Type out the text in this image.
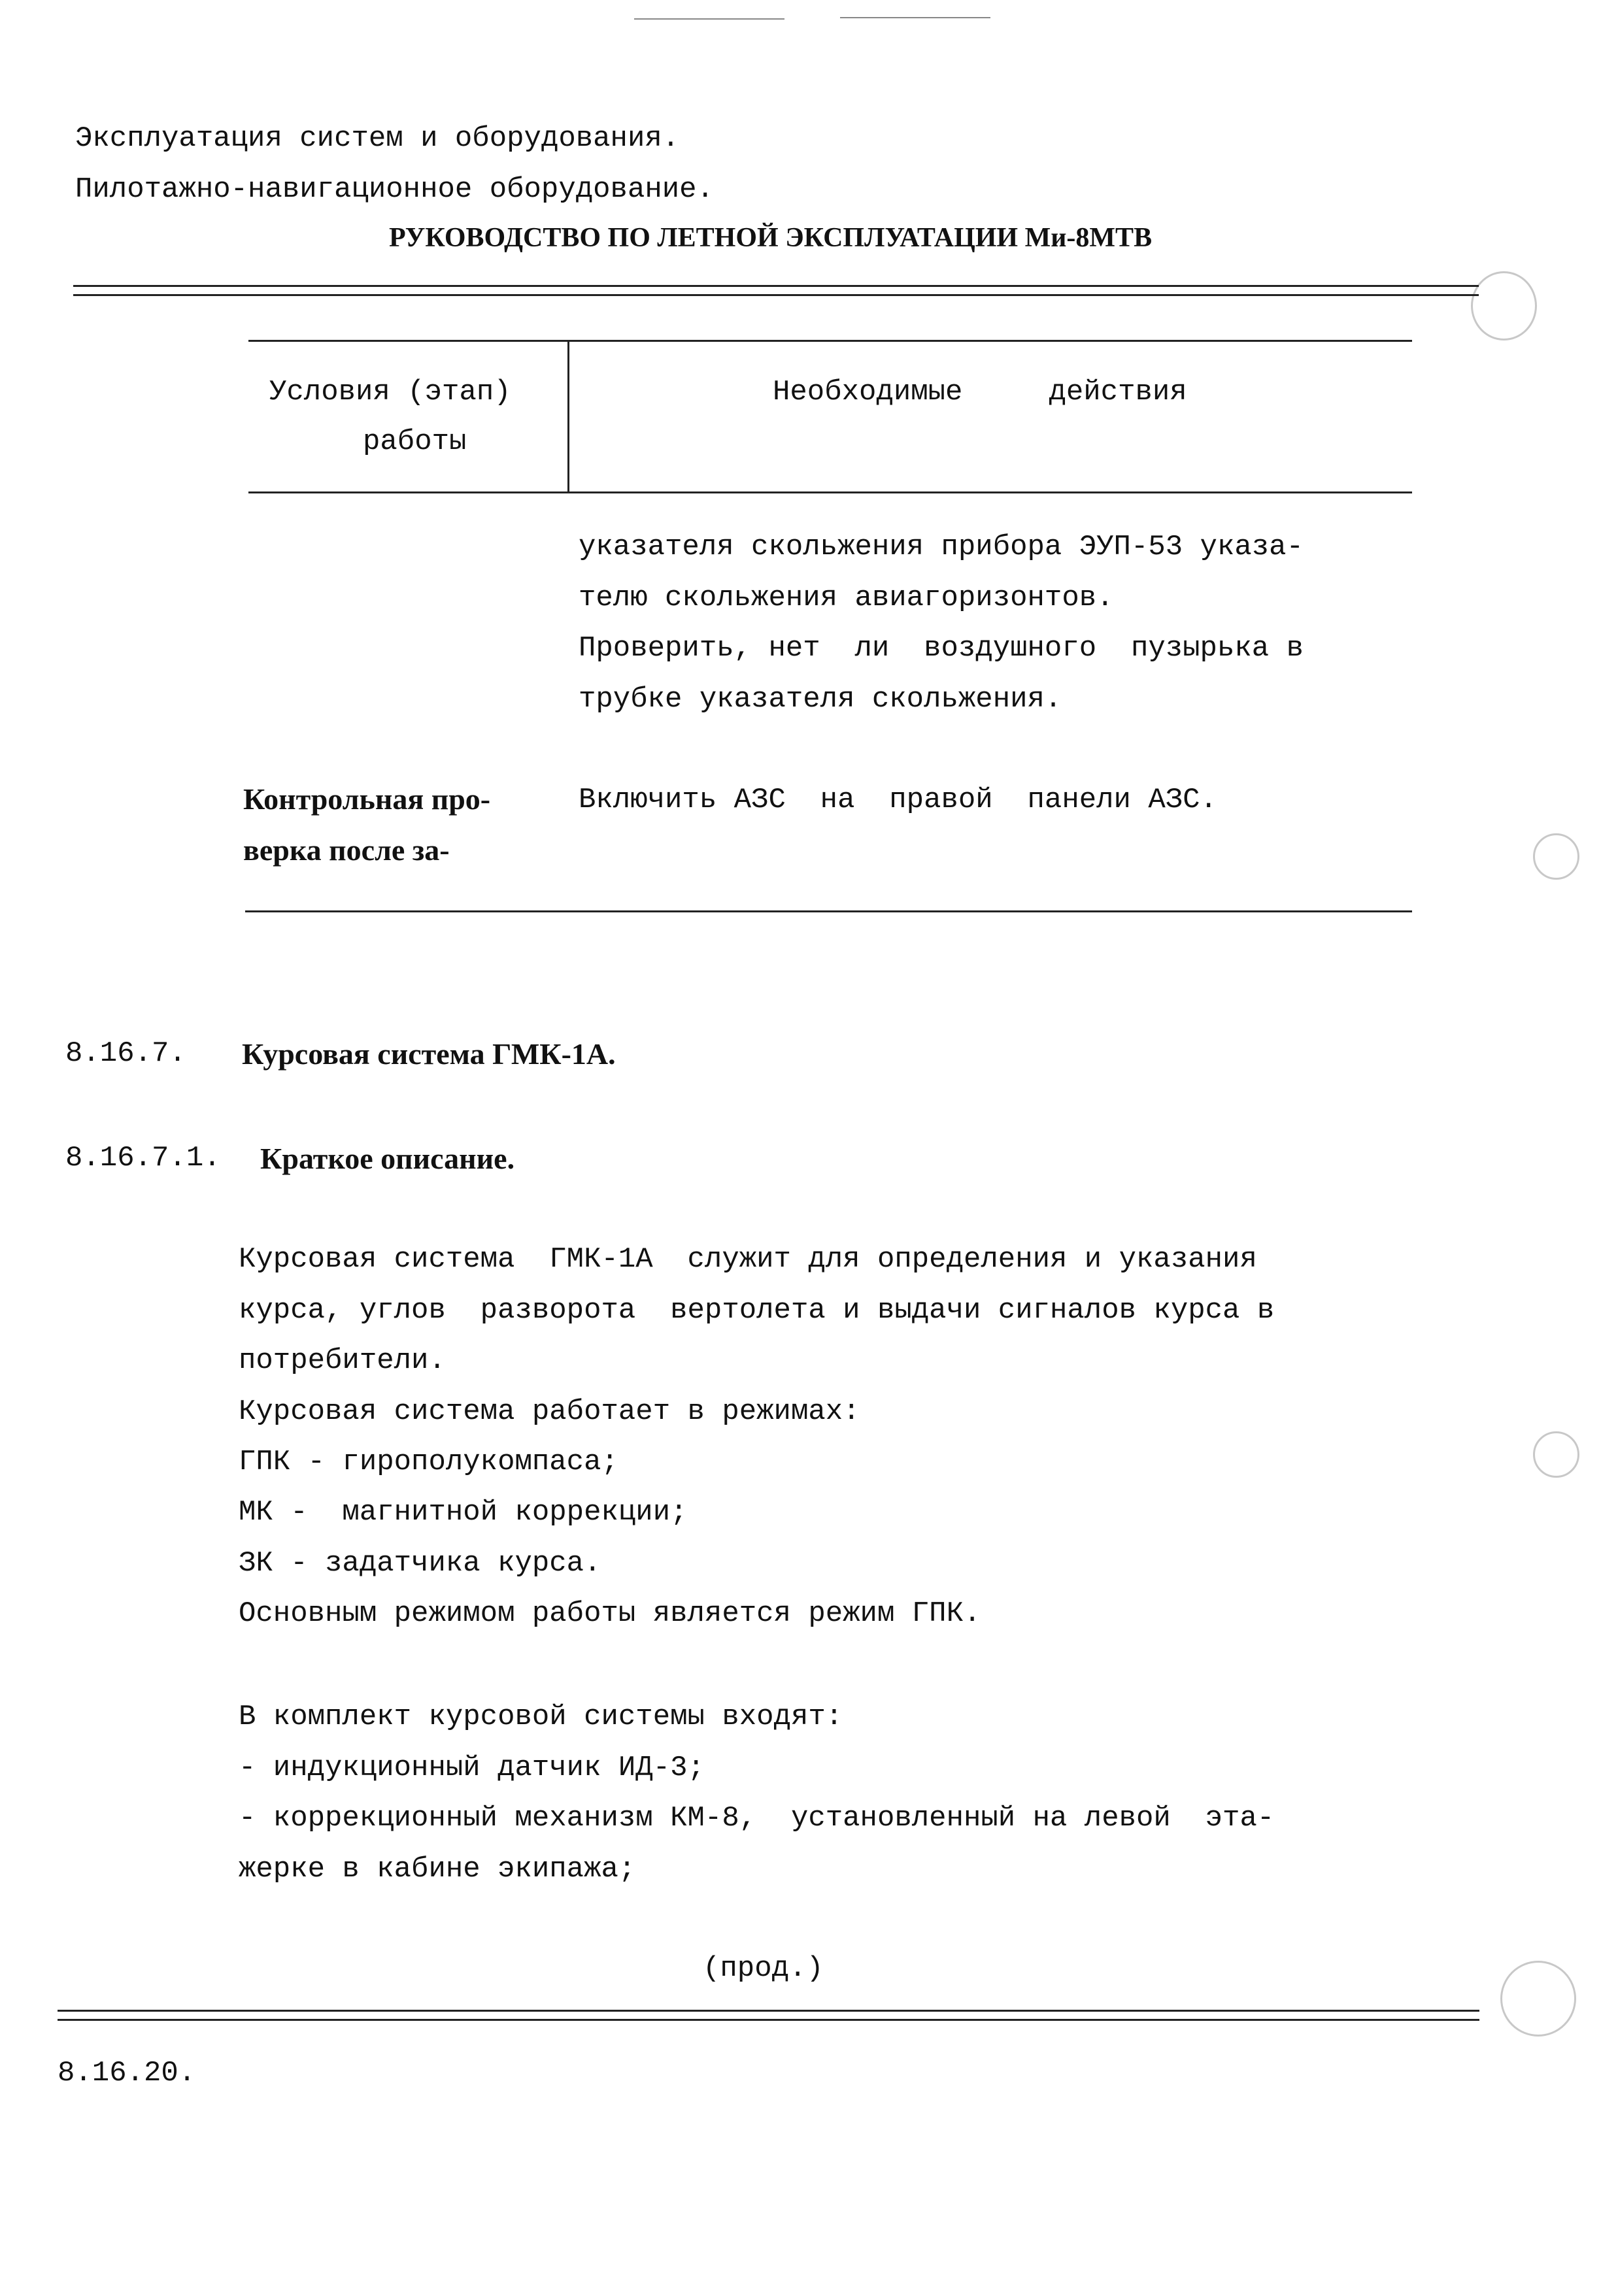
Эксплуатация систем и оборудования.
Пилотажно-навигационное оборудование.
РУКОВОДСТВО ПО ЛЕТНОЙ ЭКСПЛУАТАЦИИ Ми-8МТВ
Условия (этап)
работы
Необходимые     действия
указателя скольжения прибора ЭУП-53 указа-
телю скольжения авиагоризонтов.
Проверить, нет  ли  воздушного  пузырька в
трубке указателя скольжения.
Контрольная про-
верка после за-
Включить АЗС  на  правой  панели АЗС.
8.16.7. Курсовая система ГМК-1А.
8.16.7.1. Краткое описание.
Курсовая система  ГМК-1А  служит для определения и указания
курса, углов  разворота  вертолета и выдачи сигналов курса в
потребители.
Курсовая система работает в режимах:
ГПК - гирополукомпаса;
МК -  магнитной коррекции;
ЗК - задатчика курса.
Основным режимом работы является режим ГПК.
В комплект курсовой системы входят:
- индукционный датчик ИД-3;
- коррекционный механизм КМ-8,  установленный на левой  эта-
жерке в кабине экипажа;
(прод.)
8.16.20.
